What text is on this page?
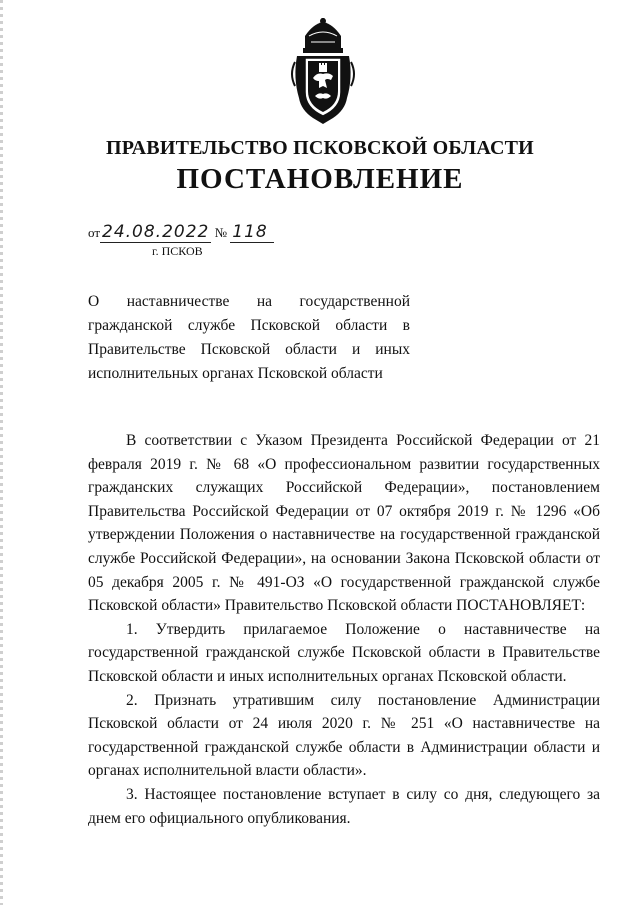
ПРАВИТЕЛЬСТВО ПСКОВСКОЙ ОБЛАСТИ
ПОСТАНОВЛЕНИЕ
от 24.08.2022 № 118
г. ПСКОВ
О наставничестве на государственной гражданской службе Псковской области в Правительстве Псковской области и иных исполнительных органах Псковской области

В соответствии с Указом Президента Российской Федерации от 21 февраля 2019 г. № 68 «О профессиональном развитии государственных гражданских служащих Российской Федерации», постановлением Правительства Российской Федерации от 07 октября 2019 г. № 1296 «Об утверждении Положения о наставничестве на государственной гражданской службе Российской Федерации», на основании Закона Псковской области от 05 декабря 2005 г. № 491-ОЗ «О государственной гражданской службе Псковской области» Правительство Псковской области ПОСТАНОВЛЯЕТ:

1. Утвердить прилагаемое Положение о наставничестве на государственной гражданской службе Псковской области в Правительстве Псковской области и иных исполнительных органах Псковской области.

2. Признать утратившим силу постановление Администрации Псковской области от 24 июля 2020 г. № 251 «О наставничестве на государственной гражданской службе области в Администрации области и органах исполнительной власти области».

3. Настоящее постановление вступает в силу со дня, следующего за днем его официального опубликования.
